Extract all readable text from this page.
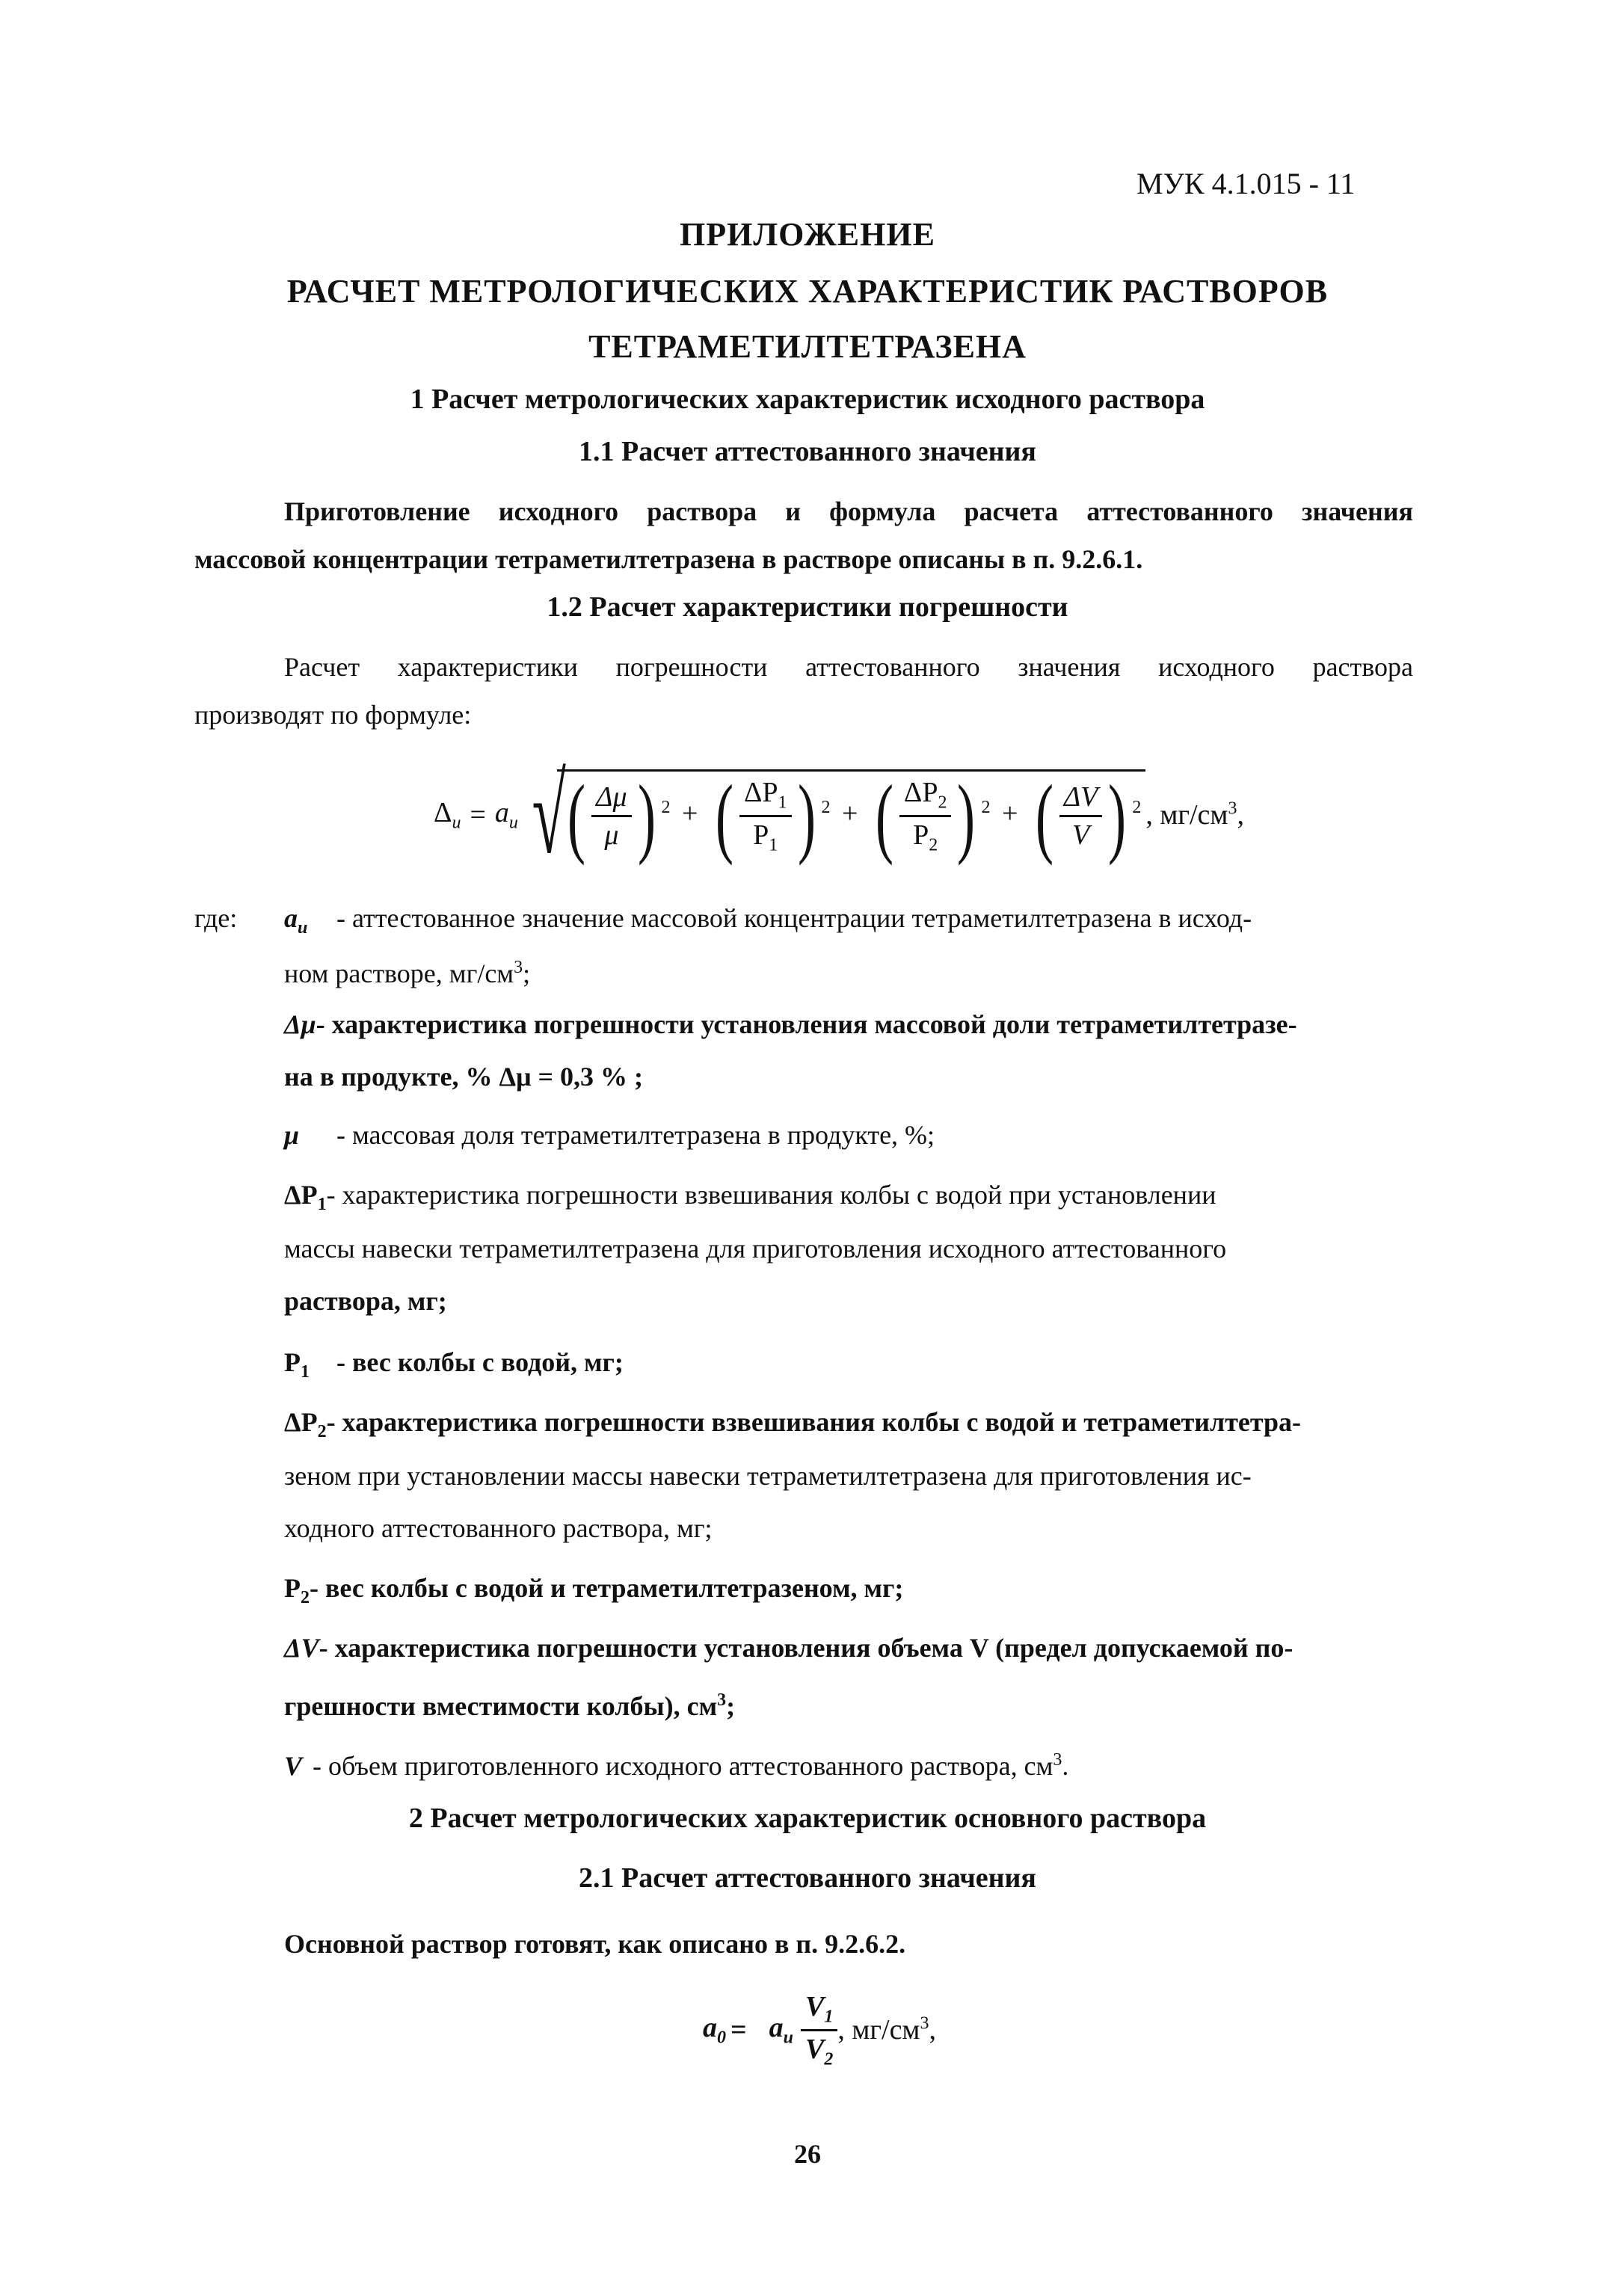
МУК 4.1.015 - 11
ПРИЛОЖЕНИЕ
РАСЧЕТ МЕТРОЛОГИЧЕСКИХ ХАРАКТЕРИСТИК РАСТВОРОВ
ТЕТРАМЕТИЛТЕТРАЗЕНА
1 Расчет метрологических характеристик исходного раствора
1.1 Расчет аттестованного значения
Приготовление исходного раствора и формула расчета аттестованного значения
массовой концентрации тетраметилтетразена в растворе описаны в п. 9.2.6.1.
1.2 Расчет характеристики погрешности
Расчет характеристики погрешности аттестованного значения исходного раствора
производят по формуле:
$\Delta_и = a_и$ √ ( $\frac{\Delta\mu}{\mu}$ ) $^2$ + ( $\frac{\Delta P_1}{P_1}$ ) $^2$ + ( $\frac{\Delta P_2}{P_2}$ ) $^2$ + ( $\frac{\Delta V}{V}$ ) $^2$ , $мг/см^3$,
где: $a_и$ - аттестованное значение массовой концентрации тетраметилтетразена в исход-
ном растворе, $мг/см^3$;
Δμ- характеристика погрешности установления массовой доли тетраметилтетразе-
на в продукте, % Δμ = 0,3 % ;
μ - массовая доля тетраметилтетразена в продукте, %;
$\Delta P_1-$ характеристика погрешности взвешивания колбы с водой при установлении
массы навески тетраметилтетразена для приготовления исходного аттестованного
раствора, мг;
$P_1$ - вес колбы с водой, мг;
$\Delta P_2-$ характеристика погрешности взвешивания колбы с водой и тетраметилтетра-
зеном при установлении массы навески тетраметилтетразена для приготовления ис-
ходного аттестованного раствора, мг;
$P_2-$ вес колбы с водой и тетраметилтетразеном, мг;
ΔV- характеристика погрешности установления объема V (предел допускаемой по-
грешности вместимости колбы), $см^3$;
V - объем приготовленного исходного аттестованного раствора, $см^3$.
2 Расчет метрологических характеристик основного раствора
2.1 Расчет аттестованного значения
Основной раствор готовят, как описано в п. 9.2.6.2.
$a_0 = a_и \frac{V_1}{V_2}$ , $мг/см^3$,
26
